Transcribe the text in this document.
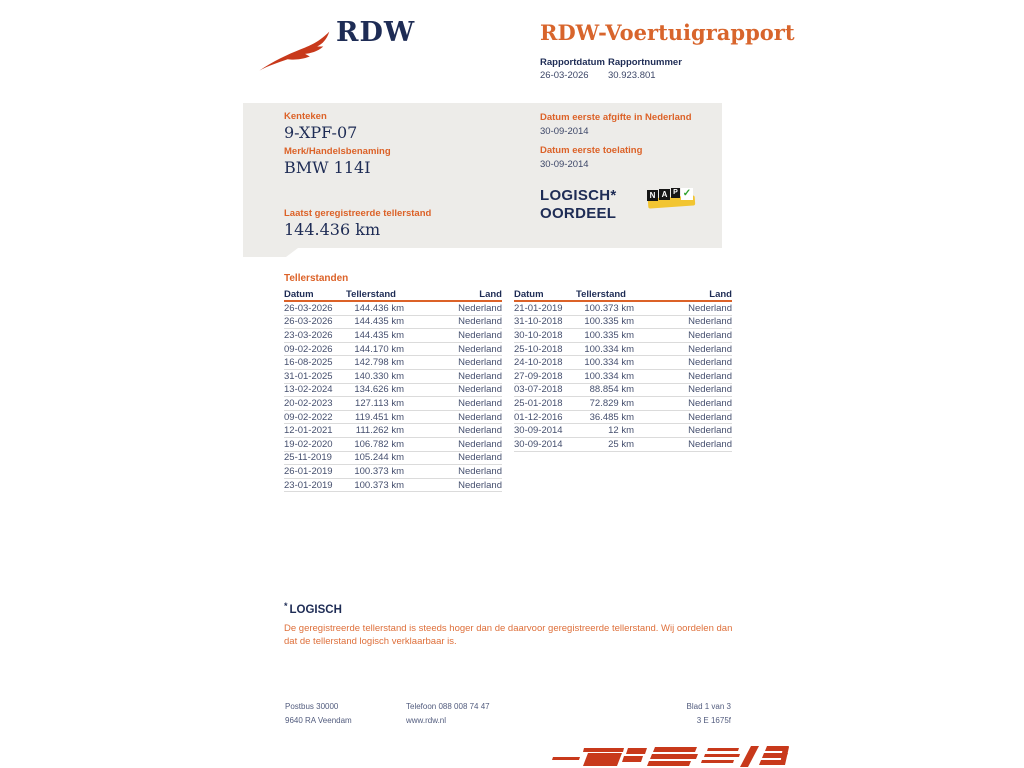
RDW	RDW-Voertuigrapport
Rapportdatum
26-03-2026
Rapportnummer
30.923.801
Kenteken
9-XPF-07
Merk/Handelsbenaming
BMW 114I
Laatst geregistreerde tellerstand
144.436 km
Datum eerste afgifte in Nederland
30-09-2014
Datum eerste toelating
30-09-2014
LOGISCH*
OORDEEL
N A P ✓
Tellerstanden
Datum	Tellerstand	Land
26-03-2026	144.436 km	Nederland
26-03-2026	144.435 km	Nederland
23-03-2026	144.435 km	Nederland
09-02-2026	144.170 km	Nederland
16-08-2025	142.798 km	Nederland
31-01-2025	140.330 km	Nederland
13-02-2024	134.626 km	Nederland
20-02-2023	127.113 km	Nederland
09-02-2022	119.451 km	Nederland
12-01-2021	111.262 km	Nederland
19-02-2020	106.782 km	Nederland
25-11-2019	105.244 km	Nederland
26-01-2019	100.373 km	Nederland
23-01-2019	100.373 km	Nederland
Datum	Tellerstand	Land
21-01-2019	100.373 km	Nederland
31-10-2018	100.335 km	Nederland
30-10-2018	100.335 km	Nederland
25-10-2018	100.334 km	Nederland
24-10-2018	100.334 km	Nederland
27-09-2018	100.334 km	Nederland
03-07-2018	88.854 km	Nederland
25-01-2018	72.829 km	Nederland
01-12-2016	36.485 km	Nederland
30-09-2014	12 km	Nederland
30-09-2014	25 km	Nederland
* LOGISCH
De geregistreerde tellerstand is steeds hoger dan de daarvoor geregistreerde tellerstand. Wij oordelen dan dat de tellerstand logisch verklaarbaar is.
Postbus 30000
9640 RA Veendam
Telefoon 088 008 74 47
www.rdw.nl
Blad 1 van 3
3 E 1675f
